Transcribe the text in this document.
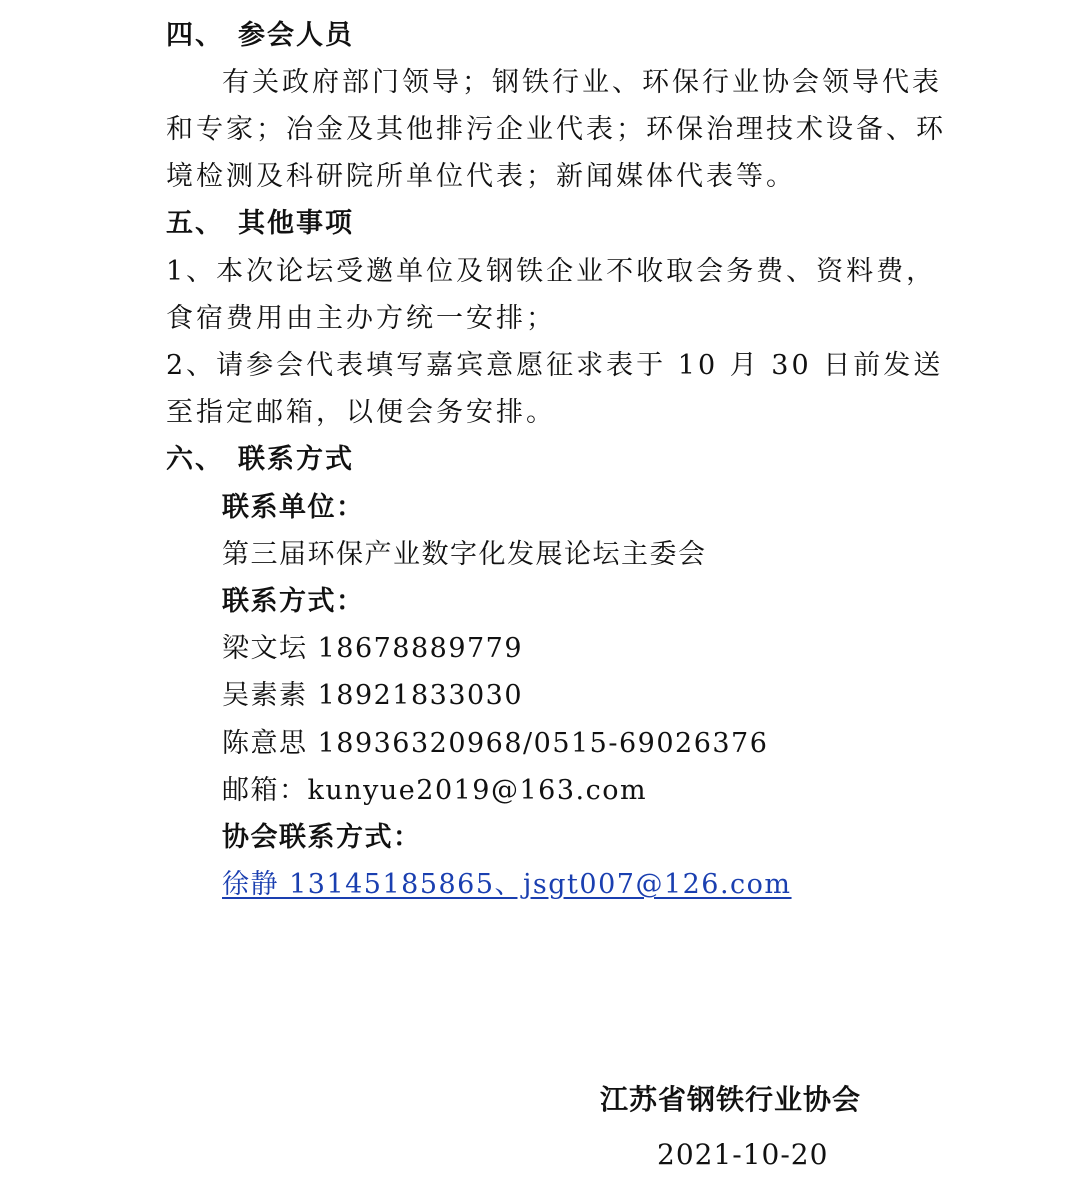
四、 参会人员
有关政府部门领导；钢铁行业、环保行业协会领导代表
和专家；冶金及其他排污企业代表；环保治理技术设备、环
境检测及科研院所单位代表；新闻媒体代表等。
五、 其他事项
1、本次论坛受邀单位及钢铁企业不收取会务费、资料费，
食宿费用由主办方统一安排；
2、请参会代表填写嘉宾意愿征求表于 10 月 30 日前发送
至指定邮箱，以便会务安排。
六、 联系方式
联系单位：
第三届环保产业数字化发展论坛主委会
联系方式：
梁文坛 18678889779
吴素素 18921833030
陈意思 18936320968/0515-69026376
邮箱：kunyue2019@163.com
协会联系方式：
徐静 13145185865、jsgt007@126.com
江苏省钢铁行业协会
2021-10-20
